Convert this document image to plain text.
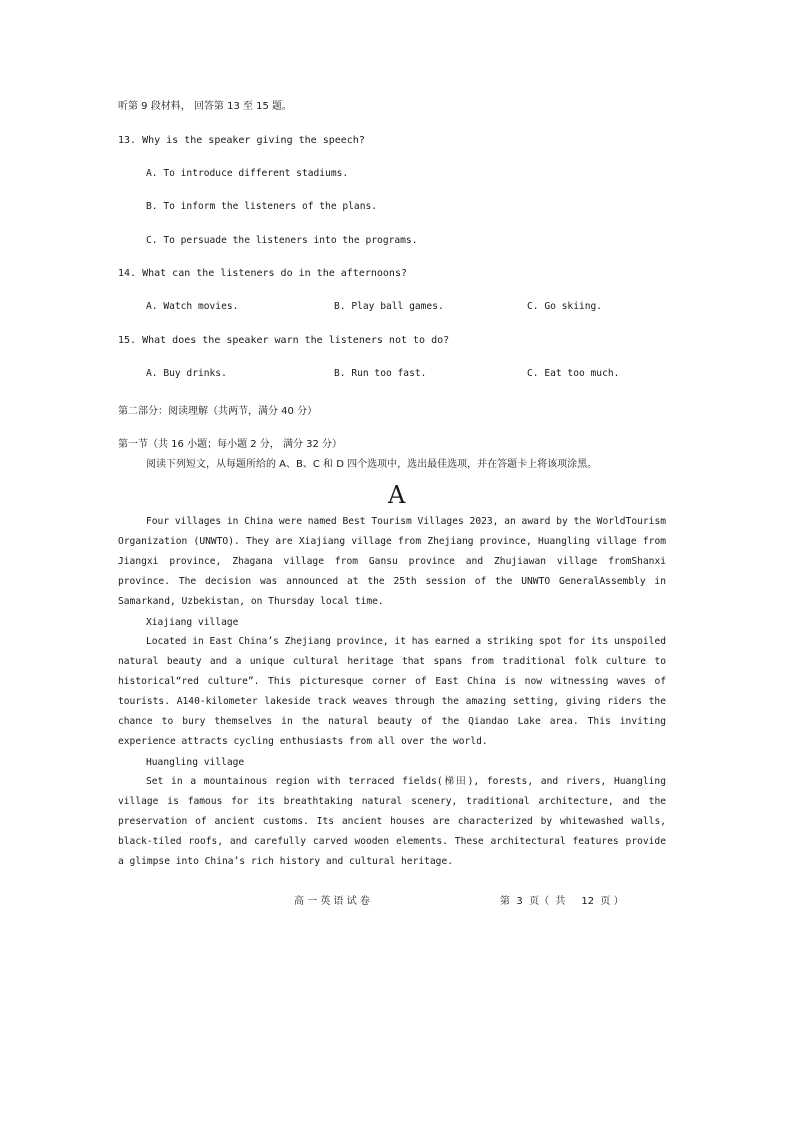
听第 9 段材料， 回答第 13 至 15 题。
13. Why is the speaker giving the speech?
A. To introduce different stadiums.
B. To inform the listeners of the plans.
C. To persuade the listeners into the programs.
14. What can the listeners do in the afternoons?
A. Watch movies.	B. Play ball games.	C. Go skiing.
15. What does the speaker warn the listeners not to do?
A. Buy drinks.	B. Run too fast.	C. Eat too much.
第二部分：阅读理解（共两节，满分 40 分）
第一节（共 16 小题；每小题 2 分， 满分 32 分）
阅读下列短文，从每题所给的 A、B、C 和 D 四个选项中，选出最佳选项，并在答题卡上将该项涂黑。
A

Four villages in China were named Best Tourism Villages 2023, an award by the WorldTourism Organization (UNWTO). They are Xiajiang village from Zhejiang province, Huangling village from Jiangxi province, Zhagana village from Gansu province and Zhujiawan village fromShanxi province. The decision was announced at the 25th session of the UNWTO GeneralAssembly in Samarkand, Uzbekistan, on Thursday local time.

Xiajiang village

Located in East China’s Zhejiang province, it has earned a striking spot for its unspoiled natural beauty and a unique cultural heritage that spans from traditional folk culture to historical“red culture”. This picturesque corner of East China is now witnessing waves of tourists. A140-kilometer lakeside track weaves through the amazing setting, giving riders the chance to bury themselves in the natural beauty of the Qiandao Lake area. This inviting experience attracts cycling enthusiasts from all over the world.

Huangling village

Set in a mountainous region with terraced fields(梯田), forests, and rivers, Huangling village is famous for its breathtaking natural scenery, traditional architecture, and the preservation of ancient customs. Its ancient houses are characterized by whitewashed walls, black-tiled roofs, and carefully carved wooden elements. These architectural features provide a glimpse into China’s rich history and cultural heritage.

高 一 英 语 试 卷	第  3  页（  共     12  页 ）
